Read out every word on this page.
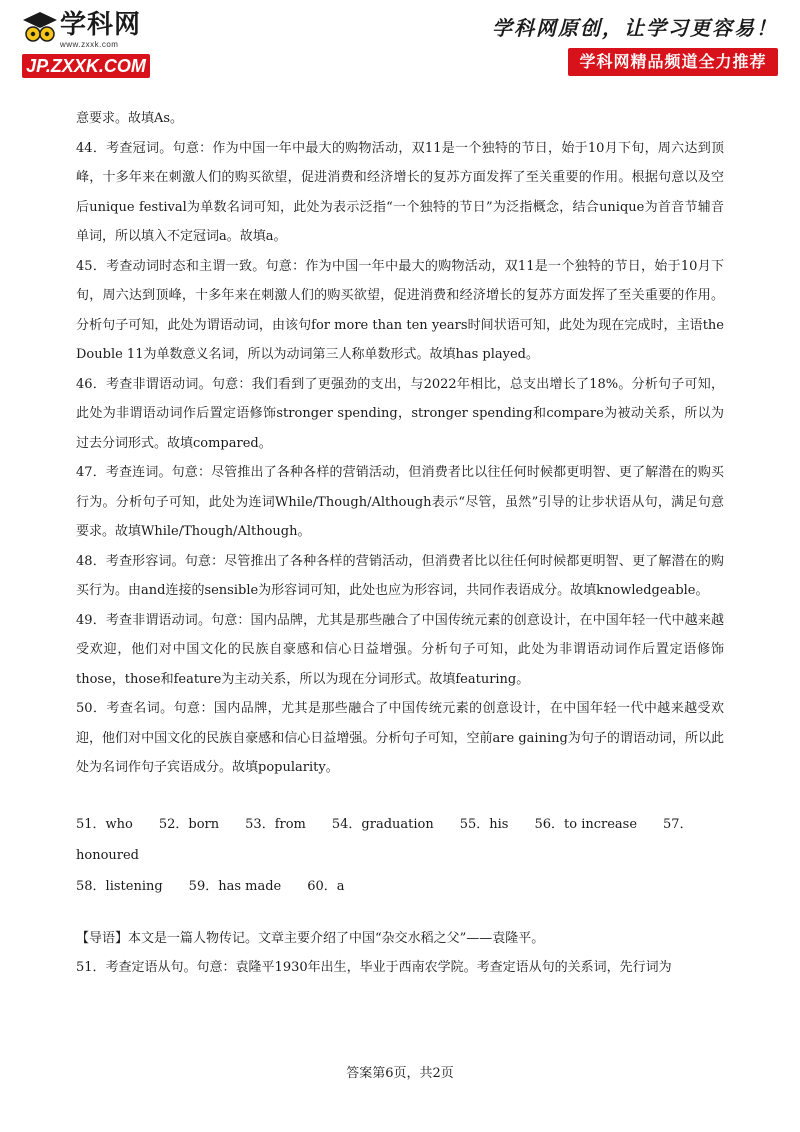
学科网
www.zxxk.com
JP.ZXXK.COM
学科网原创，让学习更容易！
学科网精品频道全力推荐

意要求。故填As。

44．考查冠词。句意：作为中国一年中最大的购物活动，双11是一个独特的节日，始于10月下旬，周六达到顶峰，十多年来在刺激人们的购买欲望，促进消费和经济增长的复苏方面发挥了至关重要的作用。根据句意以及空后unique festival为单数名词可知，此处为表示泛指“一个独特的节日”为泛指概念，结合unique为首音节辅音单词，所以填入不定冠词a。故填a。

45．考查动词时态和主谓一致。句意：作为中国一年中最大的购物活动，双11是一个独特的节日，始于10月下旬，周六达到顶峰，十多年来在刺激人们的购买欲望，促进消费和经济增长的复苏方面发挥了至关重要的作用。分析句子可知，此处为谓语动词，由该句for more than ten years时间状语可知，此处为现在完成时，主语the Double 11为单数意义名词，所以为动词第三人称单数形式。故填has played。

46．考查非谓语动词。句意：我们看到了更强劲的支出，与2022年相比，总支出增长了18%。分析句子可知，此处为非谓语动词作后置定语修饰stronger spending，stronger spending和compare为被动关系，所以为过去分词形式。故填compared。

47．考查连词。句意：尽管推出了各种各样的营销活动，但消费者比以往任何时候都更明智、更了解潜在的购买行为。分析句子可知，此处为连词While/Though/Although表示“尽管，虽然”引导的让步状语从句，满足句意要求。故填While/Though/Although。

48．考查形容词。句意：尽管推出了各种各样的营销活动，但消费者比以往任何时候都更明智、更了解潜在的购买行为。由and连接的sensible为形容词可知，此处也应为形容词，共同作表语成分。故填knowledgeable。

49．考查非谓语动词。句意：国内品牌，尤其是那些融合了中国传统元素的创意设计，在中国年轻一代中越来越受欢迎，他们对中国文化的民族自豪感和信心日益增强。分析句子可知，此处为非谓语动词作后置定语修饰those，those和feature为主动关系，所以为现在分词形式。故填featuring。

50．考查名词。句意：国内品牌，尤其是那些融合了中国传统元素的创意设计，在中国年轻一代中越来越受欢迎，他们对中国文化的民族自豪感和信心日益增强。分析句子可知，空前are gaining为句子的谓语动词，所以此处为名词作句子宾语成分。故填popularity。

51．who　　52．born　　53．from　　54．graduation　　55．his　　56．to increase　　57．honoured

58．listening　　59．has made　　60．a

【导语】本文是一篇人物传记。文章主要介绍了中国“杂交水稻之父”——袁隆平。

51．考查定语从句。句意：袁隆平1930年出生，毕业于西南农学院。考查定语从句的关系词，先行词为

答案第6页，共2页
